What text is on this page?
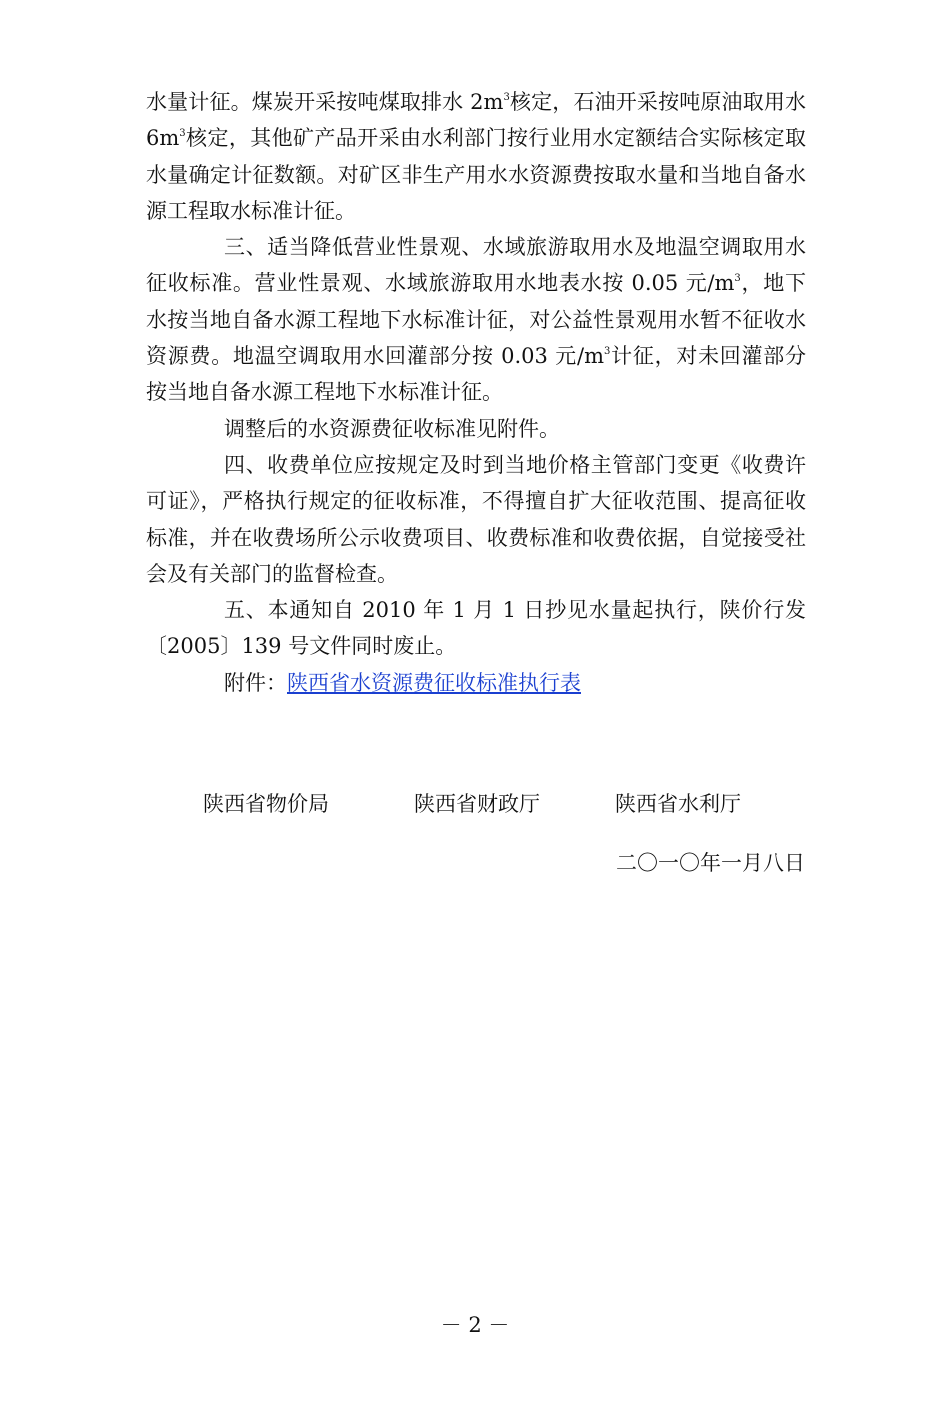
水量计征。煤炭开采按吨煤取排水 $2m^3$核定，石油开采按吨原油取用水 $6m^3$核定，其他矿产品开采由水利部门按行业用水定额结合实际核定取水量确定计征数额。对矿区非生产用水水资源费按取水量和当地自备水源工程取水标准计征。

三、适当降低营业性景观、水域旅游取用水及地温空调取用水征收标准。营业性景观、水域旅游取用水地表水按 0.05 元$/m^3$，地下水按当地自备水源工程地下水标准计征，对公益性景观用水暂不征收水资源费。地温空调取用水回灌部分按 0.03 元$/m^3$计征，对未回灌部分按当地自备水源工程地下水标准计征。

调整后的水资源费征收标准见附件。

四、收费单位应按规定及时到当地价格主管部门变更《收费许可证》，严格执行规定的征收标准，不得擅自扩大征收范围、提高征收标准，并在收费场所公示收费项目、收费标准和收费依据，自觉接受社会及有关部门的监督检查。

五、本通知自 2010 年 1 月 1 日抄见水量起执行，陕价行发〔2005〕139 号文件同时废止。

附件：陕西省水资源费征收标准执行表

陕西省物价局	陕西省财政厅	陕西省水利厅
二〇一〇年一月八日
－ 2 －
